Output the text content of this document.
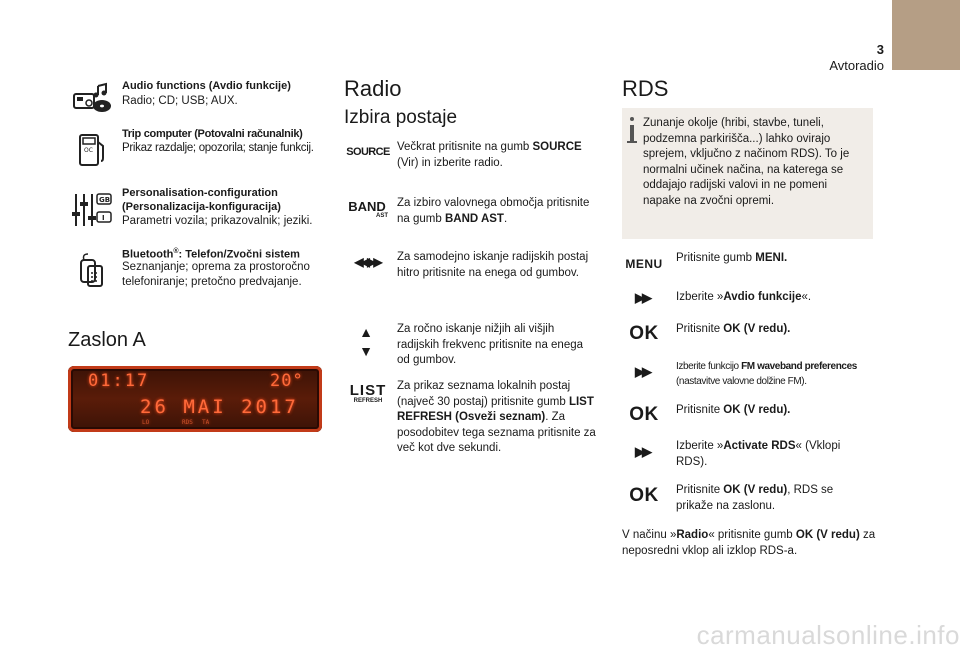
3
Avtoradio
Audio functions (Avdio funkcije)
Radio; CD; USB; AUX.
OC
Trip computer (Potovalni računalnik)
Prikaz razdalje; opozorila; stanje funkcij.
GB
I
Personalisation-configuration (Personalizacija-konfiguracija)
Parametri vozila; prikazovalnik; jeziki.
Bluetooth®: Telefon/Zvočni sistem
Seznanjanje; oprema za prostoročno telefoniranje; pretočno predvajanje.
Zaslon A
01:17	20°
26 MAI 2017
LO	RDS TA
Radio
Izbira postaje
SOURCE Večkrat pritisnite na gumb SOURCE (Vir) in izberite radio.
BAND
AST
Za izbiro valovnega območja pritisnite na gumb BAND AST.
◀◀ ▶▶	Za samodejno iskanje radijskih postaj hitro pritisnite na enega od gumbov.
▲
▼
Za ročno iskanje nižjih ali višjih radijskih frekvenc pritisnite na enega od gumbov.
LIST
REFRESH
Za prikaz seznama lokalnih postaj (največ 30 postaj) pritisnite gumb LIST REFRESH (Osveži seznam). Za posodobitev tega seznama pritisnite za več kot dve sekundi.
RDS
Zunanje okolje (hribi, stavbe, tuneli, podzemna parkirišča...) lahko ovirajo sprejem, vključno z načinom RDS). To je normalni učinek načina, na katerega se oddajajo radijski valovi in ne pomeni napake na zvočni opremi.
MENU Pritisnite gumb MENI.
▶▶	Izberite »Avdio funkcije«.
OK Pritisnite OK (V redu).
▶▶	Izberite funkcijo FM waveband preferences (nastavitve valovne dolžine FM).
OK Pritisnite OK (V redu).
▶▶	Izberite »Activate RDS« (Vklopi RDS).
OK Pritisnite OK (V redu), RDS se prikaže na zaslonu.
V načinu »Radio« pritisnite gumb OK (V redu) za neposredni vklop ali izklop RDS-a.
carmanualsonline.info
